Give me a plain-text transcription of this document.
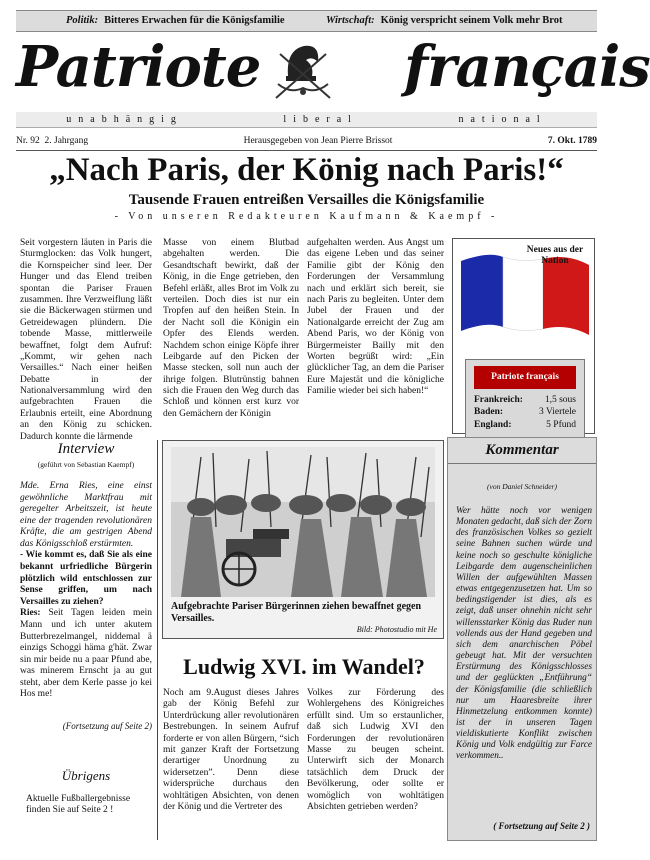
Politik: Bitteres Erwachen für die Königsfamilie	Wirtschaft: König verspricht seinem Volk mehr Brot
Patriote	français
unabhängig	liberal	national
Nr. 92 2. Jahrgang	Herausgegeben von Jean Pierre Brissot	7. Okt. 1789
„Nach Paris, der König nach Paris!“
Tausende Frauen entreißen Versailles die Königsfamilie
- Von unseren Redakteuren Kaufmann & Kaempf -
Seit vorgestern läuten in Paris die Sturmglocken: das Volk hungert, die Kornspeicher sind leer. Der Hunger und das Elend treiben spontan die Pariser Frauen zusammen. Ihre Verzweiflung läßt sie die Bäckerwagen stürmen und Getreidewagen plündern. Die tobende Masse, mittlerweile bewaffnet, folgt dem Aufruf: „Kommt, wir gehen nach Versailles.“ Nach einer heißen Debatte in der Nationalversammlung wird den aufgebrachten Frauen die Erlaubnis erteilt, eine Abordnung an den König zu schicken. Dadurch konnte die lärmende
Masse von einem Blutbad abgehalten werden. Die Gesandtschaft bewirkt, daß der König, in die Enge getrieben, den Befehl erläßt, alles Brot im Volk zu verteilen. Doch dies ist nur ein Tropfen auf den heißen Stein. In der Nacht soll die Königin ein Opfer des Elends werden. Nachdem schon einige Köpfe ihrer Leibgarde auf den Picken der Masse stecken, soll nun auch der ihrige folgen. Blutrünstig bahnen sich die Frauen den Weg durch das Schloß und können erst kurz vor den Gemächern der Königin
aufgehalten werden. Aus Angst um das eigene Leben und das seiner Familie gibt der König den Forderungen der Versammlung nach und erklärt sich bereit, sie nach Paris zu begleiten. Unter dem Jubel der Frauen und der Nationalgarde erreicht der Zug am Abend Paris, wo der König von Bürgermeister Bailly mit den Worten begrüßt wird: „Ein glücklicher Tag, an dem die Pariser Eure Majestät und die königliche Familie wieder bei sich haben!“
Neues aus der Nation
Patriote français
Frankreich: 1,5 sous
Baden:	3 Viertele
England:	5 Pfund
Interview
(geführt von Sebastian Kaempf)

Mde. Erna Ries, eine einst gewöhnliche Marktfrau mit geregelter Arbeitszeit, ist heute eine der tragenden revolutionären Kräfte, die am gestrigen Abend das Königsschloß erstürmten.

- Wie kommt es, daß Sie als eine bekannt urfriedliche Bürgerin plötzlich wild entschlossen zur Sense griffen, um nach Versailles zu ziehen?

Ries: Seit Tagen leiden mein Mann und ich unter akutem Butterbrezelmangel, niddemal ä einzigs Schoggi häma g'hät. Zwar sin mir beide nu a paar Pfund abe, was minerem Ernscht ja au gut steht, aber dem Kerle passe jo kei Hos me!

(Fortsetzung auf Seite 2)
Übrigens
Aktuelle Fußballergebnisse finden Sie auf Seite 2 !
Aufgebrachte Pariser Bürgerinnen ziehen bewaffnet gegen Versailles.
Bild: Photostudio mit He
Ludwig XVI. im Wandel?
Noch am 9.August dieses Jahres gab der König Befehl zur Unterdrückung aller revolutionären Bestrebungen. In seinem Aufruf forderte er von allen Bürgern, “sich mit ganzer Kraft der Fortsetzung derartiger Unordnung zu widersetzen”. Denn diese widersprüche durchaus den wohltätigen Absichten, von denen der König und die Vertreter des
Volkes zur Förderung des Wohlergehens des Königreiches erfüllt sind. Um so erstaunlicher, daß sich Ludwig XVI den Forderungen der revolutionären Masse zu beugen scheint. Unterwirft sich der Monarch tatsächlich dem Druck der Bevölkerung, oder sollte er womöglich von wohltätigen Absichten getrieben werden?
Kommentar
(von Daniel Schneider)
Wer hätte noch vor wenigen Monaten gedacht, daß sich der Zorn des französischen Volkes so gezielt seine Bahnen suchen würde und keine noch so geschulte königliche Leibgarde dem augenscheinlichen Willen der aufgewühlten Massen etwas entgegenzusetzen hat. Um so bedingstigender ist dies, als es zeigt, daß unser ohnehin nicht sehr willensstarker König das Ruder nun vollends aus der Hand gegeben und sich dem anarchischen Pöbel gebeugt hat. Mit der versuchten Erstürmung des Königsschlosses und der geglückten „Entführung“ der Königsfamilie (die schließlich nur um Haaresbreite ihrer Hinmetzelung entkommen konnte) ist der in unseren Tagen vieldiskutierte Konflikt zwischen König und Volk endgültig zur Farce verkommen..
( Fortsetzung auf Seite 2 )
